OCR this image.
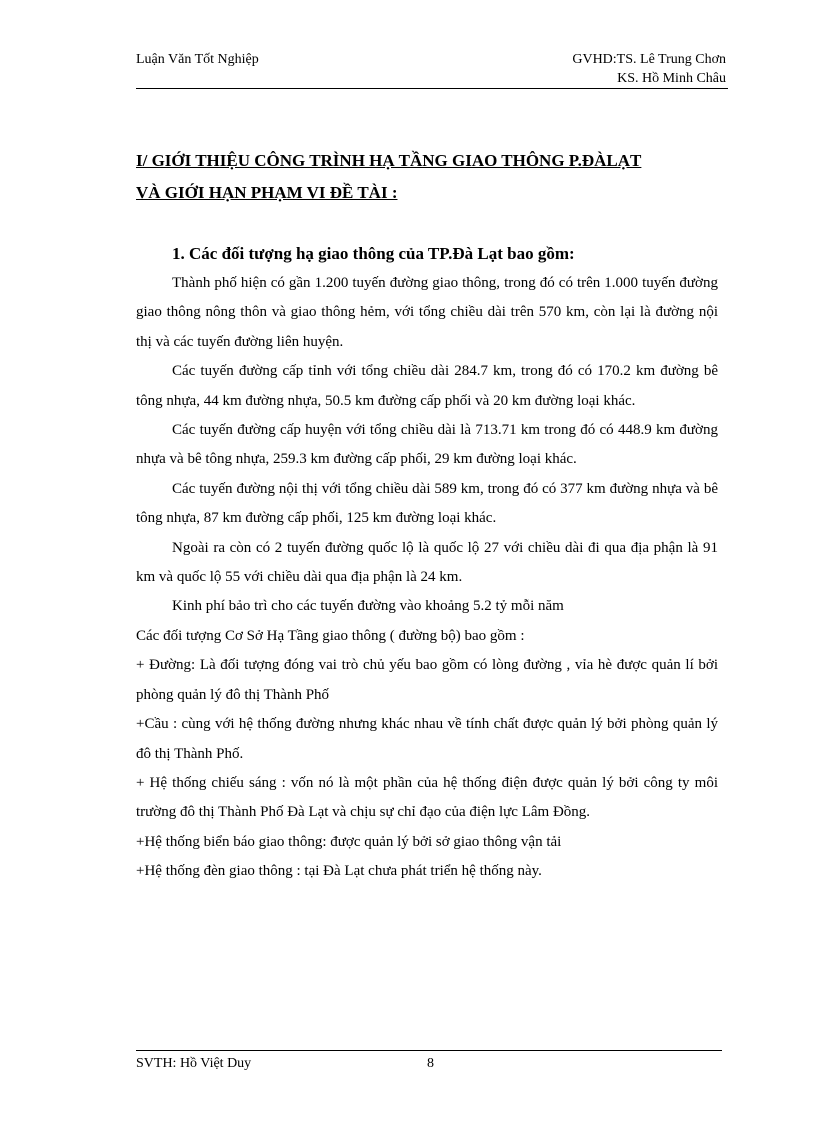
Luận Văn Tốt Nghiệp	GVHD:TS. Lê Trung Chơn
KS. Hồ Minh Châu
I/ GIỚI THIỆU CÔNG TRÌNH HẠ TẦNG GIAO THÔNG P.ĐÀLẠT
VÀ GIỚI HẠN PHẠM VI ĐỀ TÀI :

1. Các đối tượng hạ giao thông của TP.Đà Lạt bao gồm:

Thành phố hiện có gần 1.200 tuyến đường giao thông, trong đó có trên 1.000 tuyến đường giao thông nông thôn và giao thông hẻm, với tổng chiều dài trên 570 km, còn lại là đường nội thị và các tuyến đường liên huyện.

Các tuyến đường cấp tỉnh với tổng chiều dài 284.7 km, trong đó có 170.2 km đường bê tông nhựa, 44 km đường nhựa, 50.5 km đường cấp phối và 20 km đường loại khác.

Các tuyến đường cấp huyện với tổng chiều dài là 713.71 km trong đó có 448.9 km đường nhựa và bê tông nhựa, 259.3 km đường cấp phối, 29 km đường loại khác.

Các tuyến đường nội thị với tổng chiều dài 589 km, trong đó có 377 km đường nhựa và bê tông nhựa, 87 km đường cấp phối, 125 km đường loại khác.

Ngoài ra còn có 2 tuyến đường quốc lộ là quốc lộ 27 với chiều dài đi qua địa phận là 91 km và quốc lộ 55 với chiều dài qua địa phận là 24 km.

Kinh phí bảo trì cho các tuyến đường vào khoảng 5.2 tỷ mỗi năm

Các đối tượng Cơ Sở Hạ Tầng giao thông ( đường bộ) bao gồm :

+ Đường: Là đối tượng đóng vai trò chủ yếu bao gồm có lòng đường , vỉa hè được quản lí bởi phòng quản lý đô thị Thành Phố

+Cầu : cùng với hệ thống đường nhưng khác nhau về tính chất được quản lý bởi phòng quản lý đô thị Thành Phố.

+ Hệ thống chiếu sáng : vốn nó là một phần của hệ thống điện được quản lý bởi công ty môi trường đô thị Thành Phố Đà Lạt và chịu sự chỉ đạo của điện lực Lâm Đồng.

+Hệ thống biển báo giao thông: được quản lý bởi sở giao thông vận tải

+Hệ thống đèn giao thông : tại Đà Lạt chưa phát triển hệ thống này.

SVTH: Hồ Việt Duy	8
